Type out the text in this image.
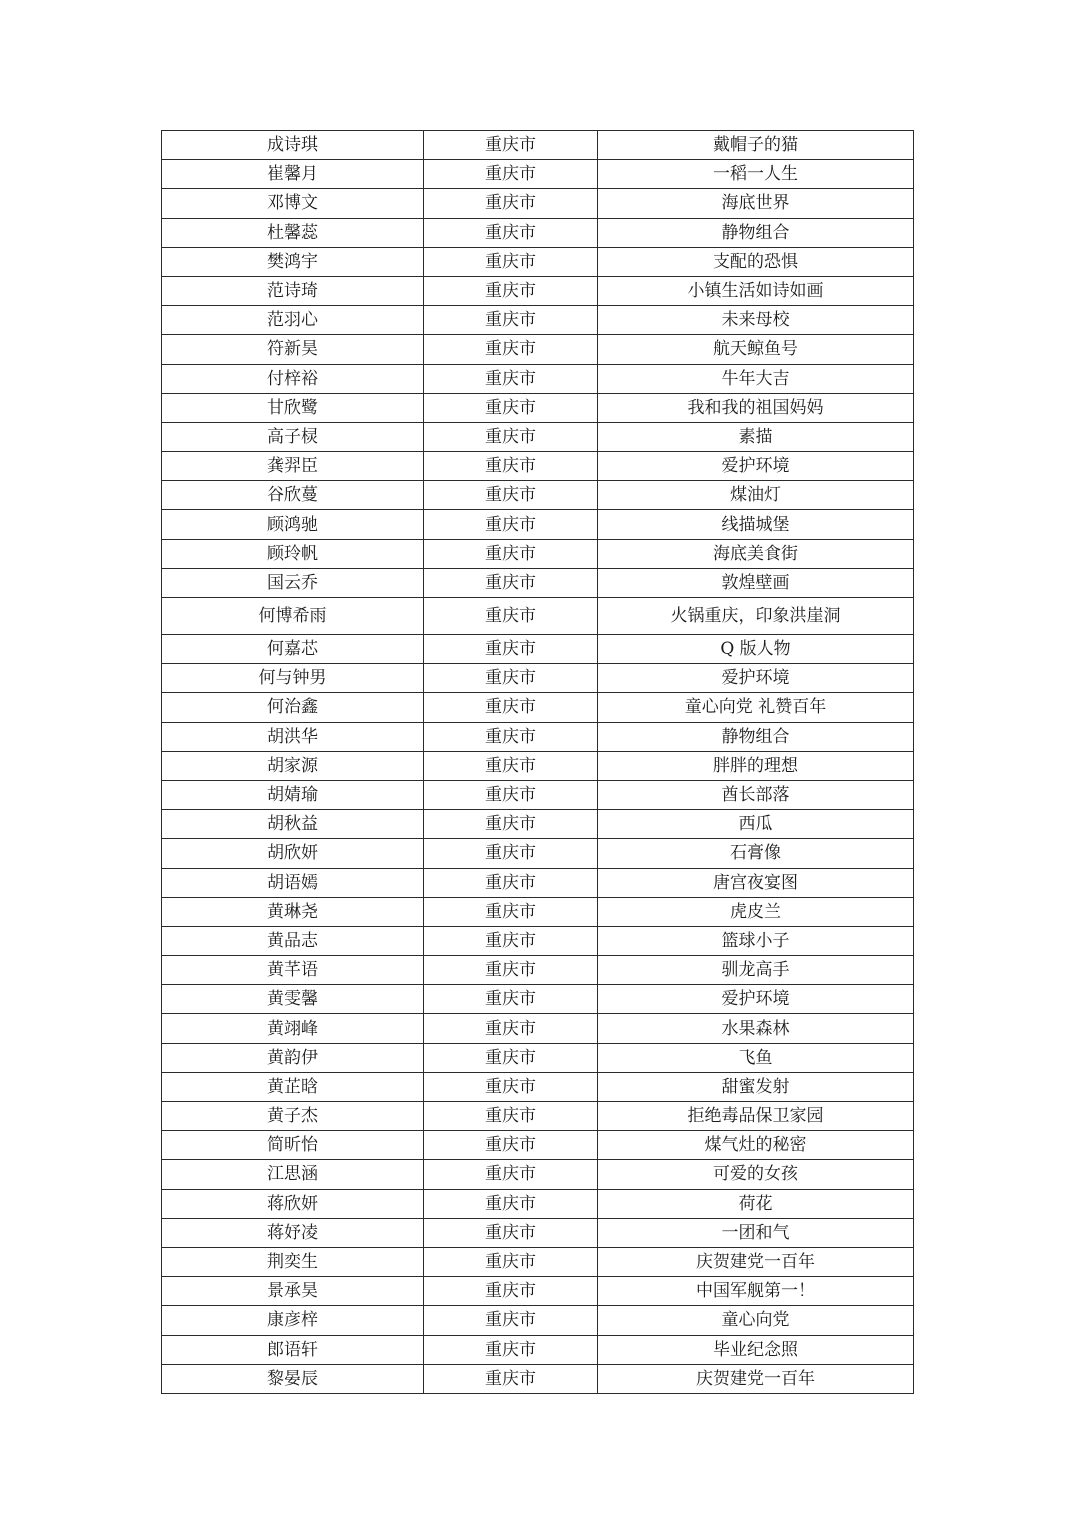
成诗琪	重庆市	戴帽子的猫
崔馨月	重庆市	一稻一人生
邓博文	重庆市	海底世界
杜馨蕊	重庆市	静物组合
樊鸿宇	重庆市	支配的恐惧
范诗琦	重庆市	小镇生活如诗如画
范羽心	重庆市	未来母校
符新昊	重庆市	航天鲸鱼号
付梓裕	重庆市	牛年大吉
甘欣鹭	重庆市	我和我的祖国妈妈
高子棂	重庆市	素描
龚羿臣	重庆市	爱护环境
谷欣蔓	重庆市	煤油灯
顾鸿驰	重庆市	线描城堡
顾玲帆	重庆市	海底美食街
国云乔	重庆市	敦煌壁画
何博希雨	重庆市	火锅重庆，印象洪崖洞
何嘉芯	重庆市	Q 版人物
何与钟男	重庆市	爱护环境
何治鑫	重庆市	童心向党 礼赞百年
胡洪华	重庆市	静物组合
胡家源	重庆市	胖胖的理想
胡婧瑜	重庆市	酋长部落
胡秋益	重庆市	西瓜
胡欣妍	重庆市	石膏像
胡语嫣	重庆市	唐宫夜宴图
黄琳尧	重庆市	虎皮兰
黄品志	重庆市	篮球小子
黄芊语	重庆市	驯龙高手
黄雯馨	重庆市	爱护环境
黄翊峰	重庆市	水果森林
黄韵伊	重庆市	飞鱼
黄芷晗	重庆市	甜蜜发射
黄子杰	重庆市	拒绝毒品保卫家园
简昕怡	重庆市	煤气灶的秘密
江思涵	重庆市	可爱的女孩
蒋欣妍	重庆市	荷花
蒋妤凌	重庆市	一团和气
荆奕生	重庆市	庆贺建党一百年
景承昊	重庆市	中国军舰第一！
康彦梓	重庆市	童心向党
郎语轩	重庆市	毕业纪念照
黎晏辰	重庆市	庆贺建党一百年
